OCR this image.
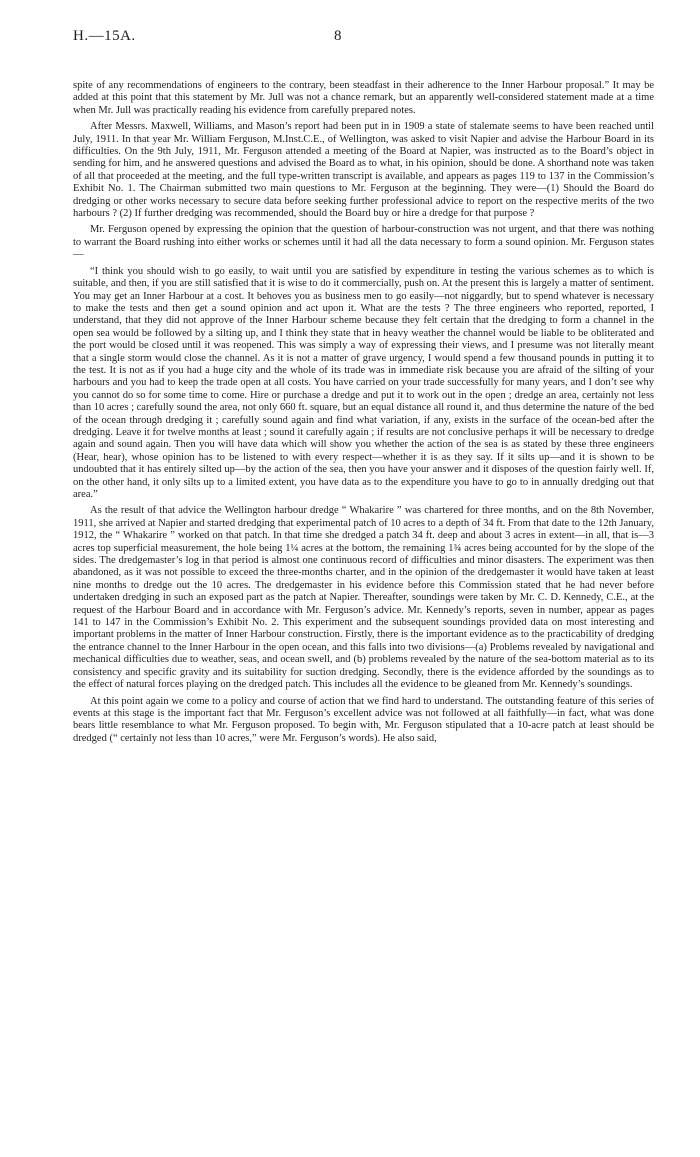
H.—15A.	8

spite of any recommendations of engineers to the contrary, been steadfast in their adherence to the Inner Harbour proposal.” It may be added at this point that this statement by Mr. Jull was not a chance remark, but an apparently well-considered statement made at a time when Mr. Jull was practically reading his evidence from carefully prepared notes.

After Messrs. Maxwell, Williams, and Mason’s report had been put in in 1909 a state of stalemate seems to have been reached until July, 1911. In that year Mr. William Ferguson, M.Inst.C.E., of Wellington, was asked to visit Napier and advise the Harbour Board in its difficulties. On the 9th July, 1911, Mr. Ferguson attended a meeting of the Board at Napier, was instructed as to the Board’s object in sending for him, and he answered questions and advised the Board as to what, in his opinion, should be done. A shorthand note was taken of all that proceeded at the meeting, and the full type-written transcript is available, and appears as pages 119 to 137 in the Commission’s Exhibit No. 1. The Chairman submitted two main questions to Mr. Ferguson at the beginning. They were—(1) Should the Board do dredging or other works necessary to secure data before seeking further professional advice to report on the respective merits of the two harbours ? (2) If further dredging was recommended, should the Board buy or hire a dredge for that purpose ?

Mr. Ferguson opened by expressing the opinion that the question of harbour-construction was not urgent, and that there was nothing to warrant the Board rushing into either works or schemes until it had all the data necessary to form a sound opinion. Mr. Ferguson states—

“I think you should wish to go easily, to wait until you are satisfied by expenditure in testing the various schemes as to which is suitable, and then, if you are still satisfied that it is wise to do it commercially, push on. At the present this is largely a matter of sentiment. You may get an Inner Harbour at a cost. It behoves you as business men to go easily—not niggardly, but to spend whatever is necessary to make the tests and then get a sound opinion and act upon it. What are the tests ? The three engineers who reported, reported, I understand, that they did not approve of the Inner Harbour scheme because they felt certain that the dredging to form a channel in the open sea would be followed by a silting up, and I think they state that in heavy weather the channel would be liable to be obliterated and the port would be closed until it was reopened. This was simply a way of expressing their views, and I presume was not literally meant that a single storm would close the channel. As it is not a matter of grave urgency, I would spend a few thousand pounds in putting it to the test. It is not as if you had a huge city and the whole of its trade was in immediate risk because you are afraid of the silting of your harbours and you had to keep the trade open at all costs. You have carried on your trade successfully for many years, and I don’t see why you cannot do so for some time to come. Hire or purchase a dredge and put it to work out in the open ; dredge an area, certainly not less than 10 acres ; carefully sound the area, not only 660 ft. square, but an equal distance all round it, and thus determine the nature of the bed of the ocean through dredging it ; carefully sound again and find what variation, if any, exists in the surface of the ocean-bed after the dredging. Leave it for twelve months at least ; sound it carefully again ; if results are not conclusive perhaps it will be necessary to dredge again and sound again. Then you will have data which will show you whether the action of the sea is as stated by these three engineers (Hear, hear), whose opinion has to be listened to with every respect—whether it is as they say. If it silts up—and it is shown to be undoubted that it has entirely silted up—by the action of the sea, then you have your answer and it disposes of the question fairly well. If, on the other hand, it only silts up to a limited extent, you have data as to the expenditure you have to go to in annually dredging out that area.”

As the result of that advice the Wellington harbour dredge “ Whakarire ” was chartered for three months, and on the 8th November, 1911, she arrived at Napier and started dredging that experimental patch of 10 acres to a depth of 34 ft. From that date to the 12th January, 1912, the “ Whakarire ” worked on that patch. In that time she dredged a patch 34 ft. deep and about 3 acres in extent—in all, that is—3 acres top superficial measurement, the hole being 1¼ acres at the bottom, the remaining 1¾ acres being accounted for by the slope of the sides. The dredgemaster’s log in that period is almost one continuous record of difficulties and minor disasters. The experiment was then abandoned, as it was not possible to exceed the three-months charter, and in the opinion of the dredgemaster it would have taken at least nine months to dredge out the 10 acres. The dredgemaster in his evidence before this Commission stated that he had never before undertaken dredging in such an exposed part as the patch at Napier. Thereafter, soundings were taken by Mr. C. D. Kennedy, C.E., at the request of the Harbour Board and in accordance with Mr. Ferguson’s advice. Mr. Kennedy’s reports, seven in number, appear as pages 141 to 147 in the Commission’s Exhibit No. 2. This experiment and the subsequent soundings provided data on most interesting and important problems in the matter of Inner Harbour construction. Firstly, there is the important evidence as to the practicability of dredging the entrance channel to the Inner Harbour in the open ocean, and this falls into two divisions—(a) Problems revealed by navigational and mechanical difficulties due to weather, seas, and ocean swell, and (b) problems revealed by the nature of the sea-bottom material as to its consistency and specific gravity and its suitability for suction dredging. Secondly, there is the evidence afforded by the soundings as to the effect of natural forces playing on the dredged patch. This includes all the evidence to be gleaned from Mr. Kennedy’s soundings.

At this point again we come to a policy and course of action that we find hard to understand. The outstanding feature of this series of events at this stage is the important fact that Mr. Ferguson’s excellent advice was not followed at all faithfully—in fact, what was done bears little resemblance to what Mr. Ferguson proposed. To begin with, Mr. Ferguson stipulated that a 10-acre patch at least should be dredged (“ certainly not less than 10 acres,” were Mr. Ferguson’s words). He also said,
